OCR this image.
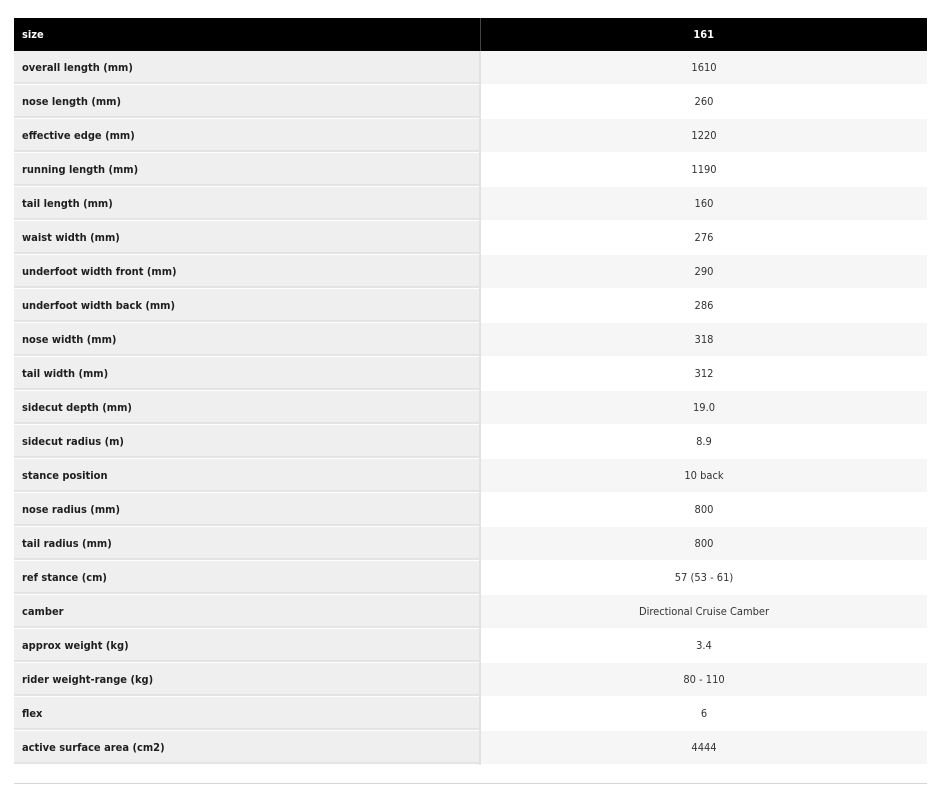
size	161
overall length (mm)	1610
nose length (mm)	260
effective edge (mm)	1220
running length (mm)	1190
tail length (mm)	160
waist width (mm)	276
underfoot width front (mm)	290
underfoot width back (mm)	286
nose width (mm)	318
tail width (mm)	312
sidecut depth (mm)	19.0
sidecut radius (m)	8.9
stance position	10 back
nose radius (mm)	800
tail radius (mm)	800
ref stance (cm)	57 (53 - 61)
camber	Directional Cruise Camber
approx weight (kg)	3.4
rider weight-range (kg)	80 - 110
flex	6
active surface area (cm2)	4444
